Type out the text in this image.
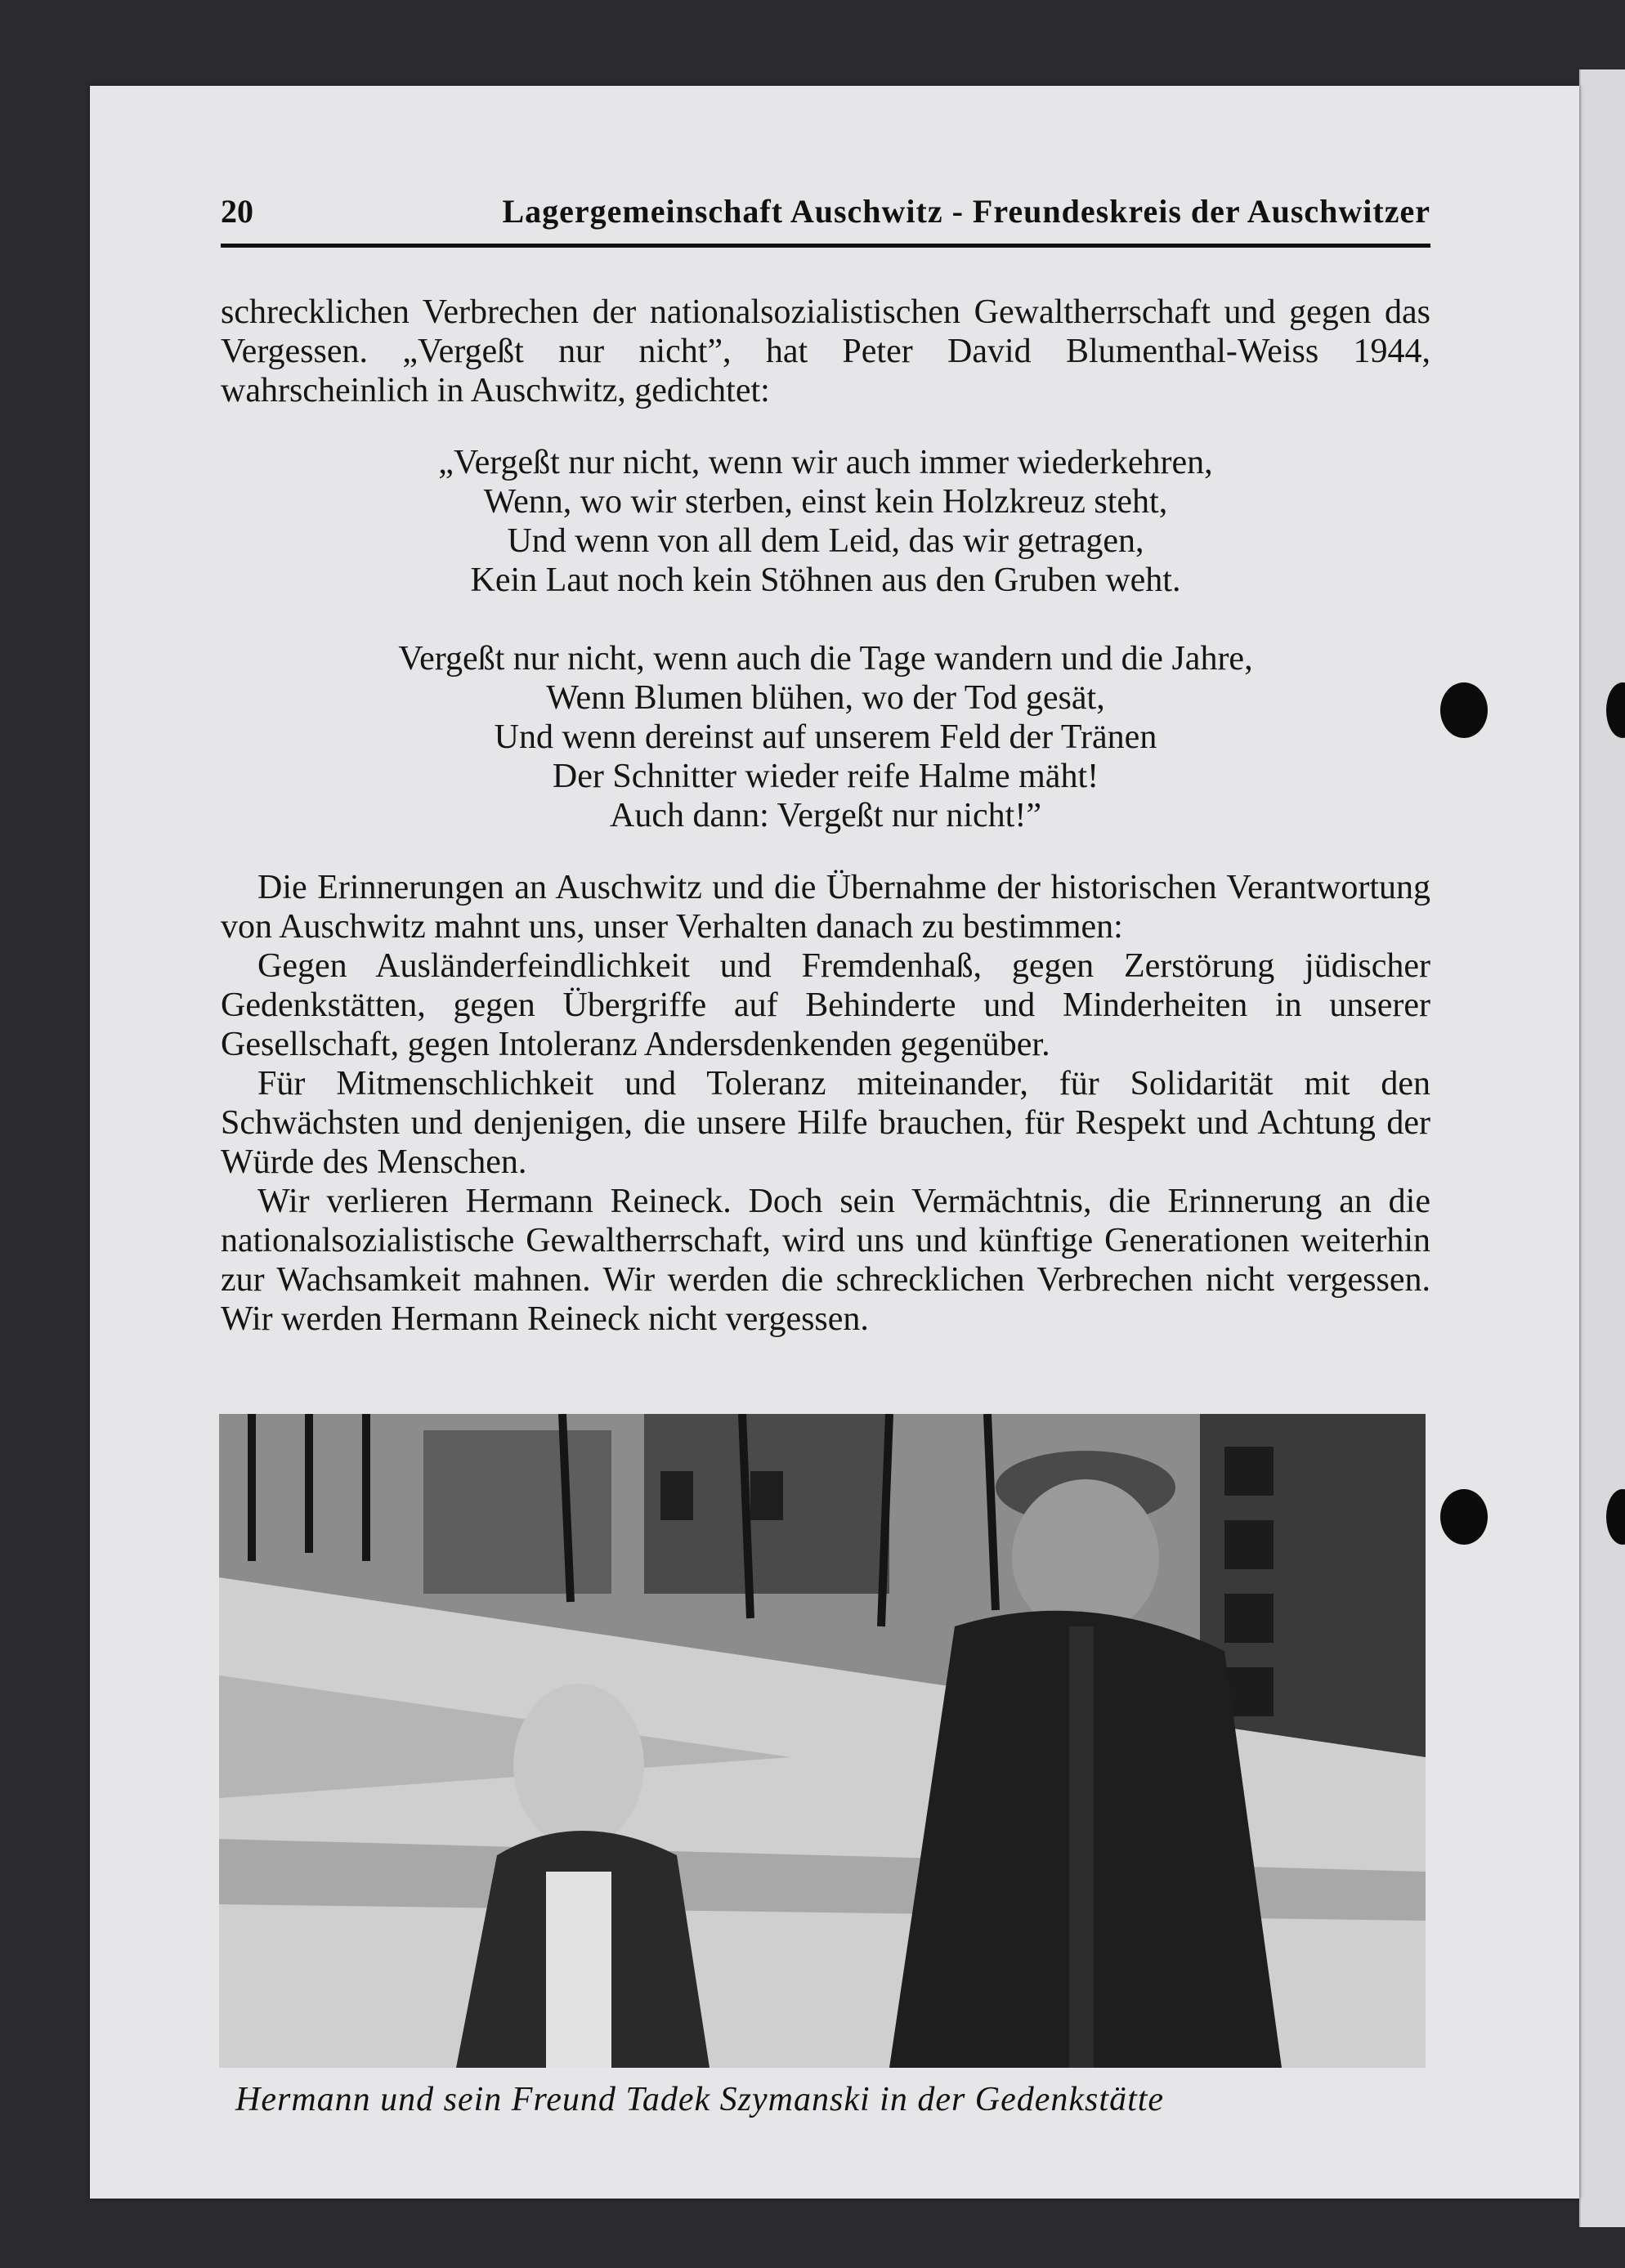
20	Lagergemeinschaft Auschwitz - Freundeskreis der Auschwitzer

schrecklichen Verbrechen der nationalsozialistischen Gewaltherrschaft und gegen das Vergessen. „Vergeßt nur nicht”, hat Peter David Blumenthal-Weiss 1944, wahrscheinlich in Auschwitz, gedichtet:

„Vergeßt nur nicht, wenn wir auch immer wiederkehren,
Wenn, wo wir sterben, einst kein Holzkreuz steht,
Und wenn von all dem Leid, das wir getragen,
Kein Laut noch kein Stöhnen aus den Gruben weht.
Vergeßt nur nicht, wenn auch die Tage wandern und die Jahre,
Wenn Blumen blühen, wo der Tod gesät,
Und wenn dereinst auf unserem Feld der Tränen
Der Schnitter wieder reife Halme mäht!
Auch dann: Vergeßt nur nicht!”

Die Erinnerungen an Auschwitz und die Übernahme der historischen Verantwortung von Auschwitz mahnt uns, unser Verhalten danach zu bestimmen:

Gegen Ausländerfeindlichkeit und Fremdenhaß, gegen Zerstörung jüdischer Gedenkstätten, gegen Übergriffe auf Behinderte und Minderheiten in unserer Gesellschaft, gegen Intoleranz Andersdenkenden gegenüber.

Für Mitmenschlichkeit und Toleranz miteinander, für Solidarität mit den Schwächsten und denjenigen, die unsere Hilfe brauchen, für Respekt und Achtung der Würde des Menschen.

Wir verlieren Hermann Reineck. Doch sein Vermächtnis, die Erinnerung an die nationalsozialistische Gewaltherrschaft, wird uns und künftige Generationen weiterhin zur Wachsamkeit mahnen. Wir werden die schrecklichen Verbrechen nicht vergessen. Wir werden Hermann Reineck nicht vergessen.

Hermann und sein Freund Tadek Szymanski in der Gedenkstätte
